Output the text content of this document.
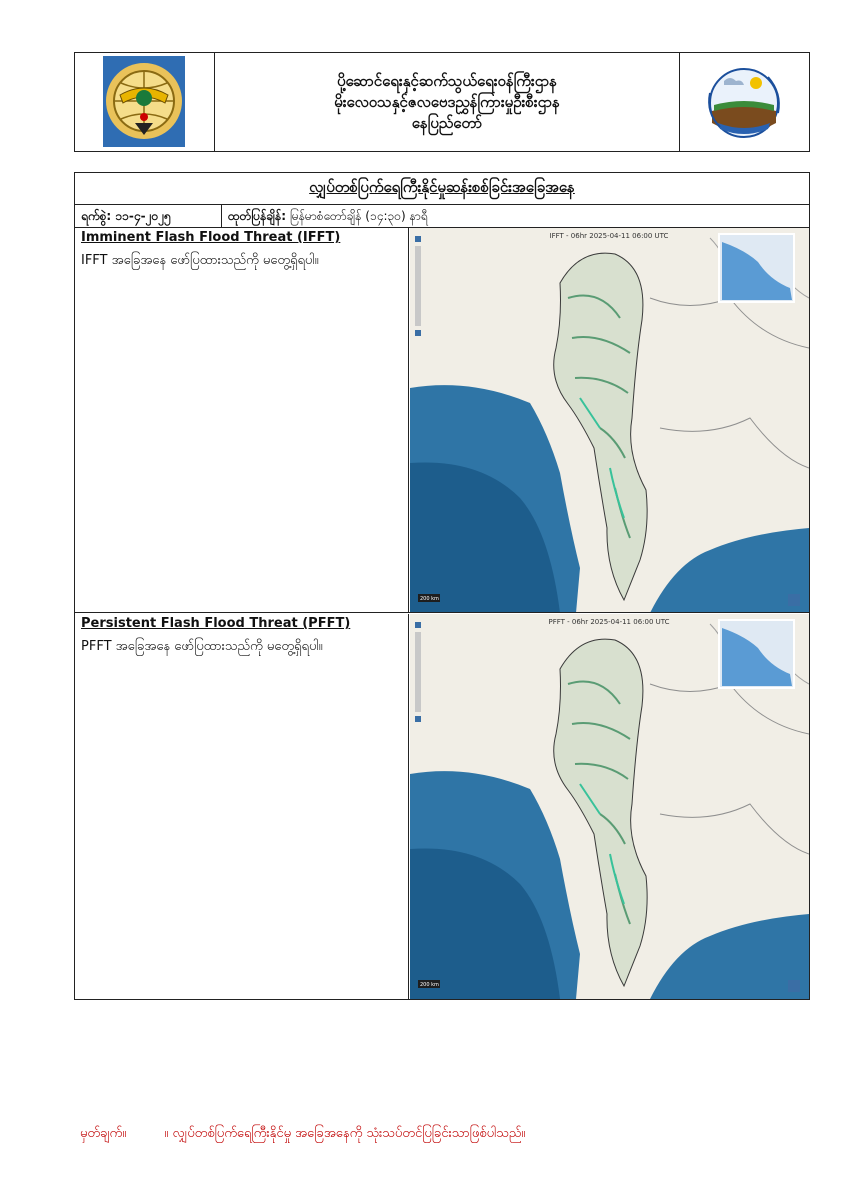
ပို့ဆောင်ရေးနှင့်ဆက်သွယ်ရေးဝန်ကြီးဌာန
မိုးလေဝသနှင့်ဇလဗေဒညွှန်ကြားမှုဦးစီးဌာန
နေပြည်တော်
လျှပ်တစ်ပြက်ရေကြီးနိုင်မှုဆန်းစစ်ခြင်းအခြေအနေ
ရက်စွဲ: ၁၁-၄-၂၀၂၅	ထုတ်ပြန်ချိန်: မြန်မာစံတော်ချိန် (၁၄:၃၀) နာရီ
Imminent Flash Flood Threat (IFFT)
IFFT အခြေအနေ ဖော်ပြထားသည်ကို မတွေ့ရှိရပါ။
200 km
IFFT - 06hr 2025-04-11 06:00 UTC
Persistent Flash Flood Threat (PFFT)
PFFT အခြေအနေ ဖော်ပြထားသည်ကို မတွေ့ရှိရပါ။
200 km
PFFT - 06hr 2025-04-11 06:00 UTC
မှတ်ချက်။	။ လျှပ်တစ်ပြက်ရေကြီးနိုင်မှု အခြေအနေကို သုံးသပ်တင်ပြခြင်းသာဖြစ်ပါသည်။
